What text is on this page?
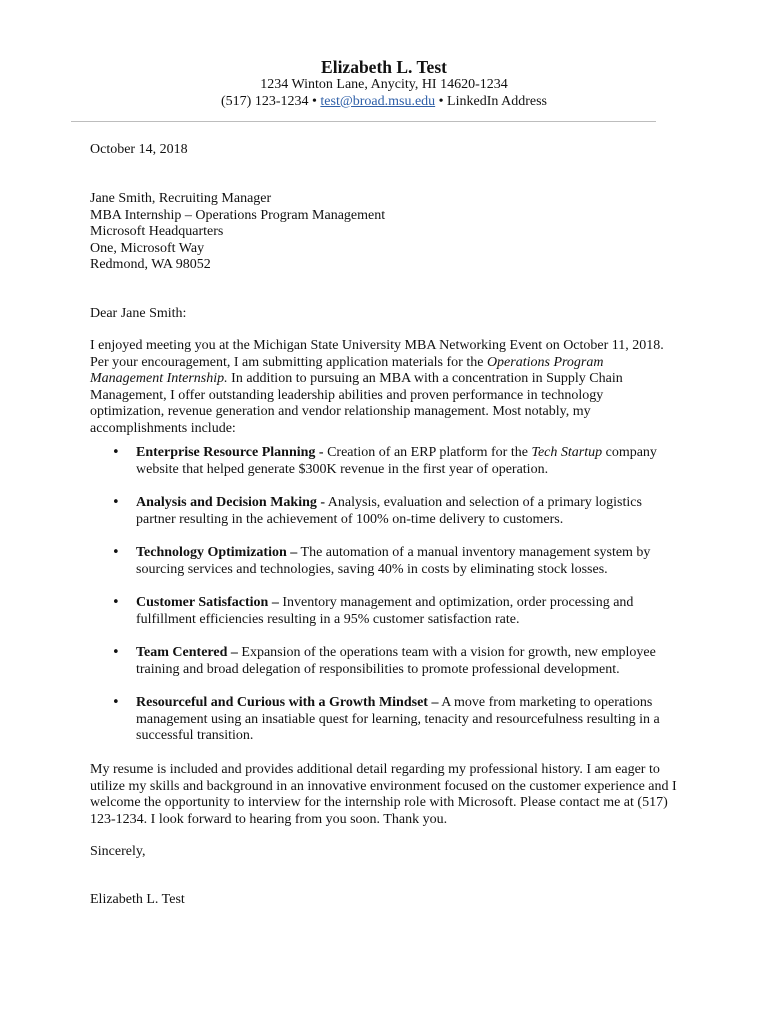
Elizabeth L. Test
1234 Winton Lane, Anycity, HI 14620-1234
(517) 123-1234 • test@broad.msu.edu • LinkedIn Address
October 14, 2018
Jane Smith, Recruiting Manager
MBA Internship – Operations Program Management
Microsoft Headquarters
One, Microsoft Way
Redmond, WA 98052
Dear Jane Smith:
I enjoyed meeting you at the Michigan State University MBA Networking Event on October 11, 2018. Per your encouragement, I am submitting application materials for the Operations Program Management Internship. In addition to pursuing an MBA with a concentration in Supply Chain Management, I offer outstanding leadership abilities and proven performance in technology optimization, revenue generation and vendor relationship management. Most notably, my accomplishments include:
• Enterprise Resource Planning - Creation of an ERP platform for the Tech Startup company website that helped generate $300K revenue in the first year of operation.
• Analysis and Decision Making - Analysis, evaluation and selection of a primary logistics partner resulting in the achievement of 100% on-time delivery to customers.
• Technology Optimization – The automation of a manual inventory management system by sourcing services and technologies, saving 40% in costs by eliminating stock losses.
• Customer Satisfaction – Inventory management and optimization, order processing and fulfillment efficiencies resulting in a 95% customer satisfaction rate.
• Team Centered – Expansion of the operations team with a vision for growth, new employee training and broad delegation of responsibilities to promote professional development.
• Resourceful and Curious with a Growth Mindset – A move from marketing to operations management using an insatiable quest for learning, tenacity and resourcefulness resulting in a successful transition.
My resume is included and provides additional detail regarding my professional history. I am eager to utilize my skills and background in an innovative environment focused on the customer experience and I welcome the opportunity to interview for the internship role with Microsoft. Please contact me at (517) 123-1234. I look forward to hearing from you soon. Thank you.
Sincerely,
Elizabeth L. Test
